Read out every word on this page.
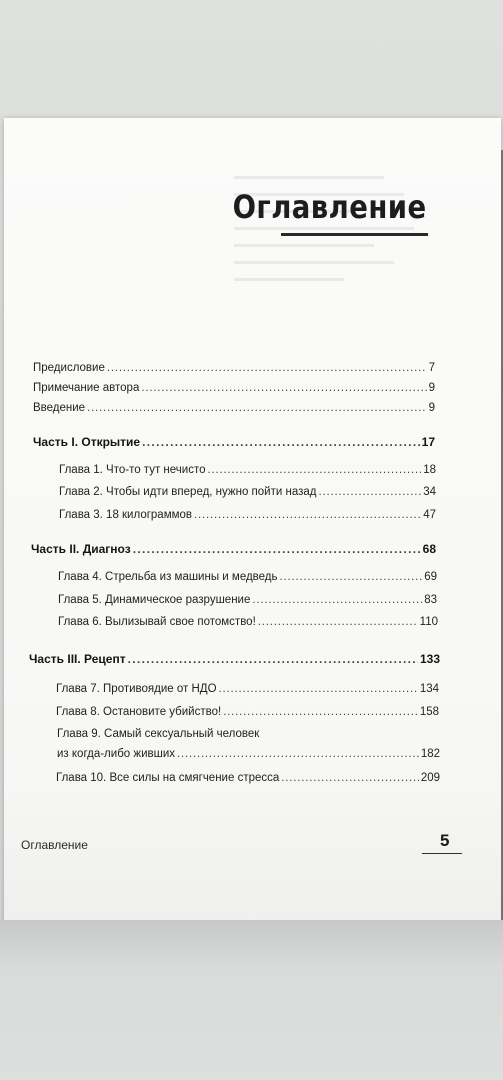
Оглавление
Предисловие . . .	7
Примечание автора . . .	9
Введение . . .	9
Часть I. Открытие . . .	17
Глава 1. Что-то тут нечисто . . .	18
Глава 2. Чтобы идти вперед, нужно пойти назад . . .	34
Глава 3. 18 килограммов . . .	47
Часть II. Диагноз . . .	68
Глава 4. Стрельба из машины и медведь . . .	69
Глава 5. Динамическое разрушение . . .	83
Глава 6. Вылизывай свое потомство! . . .	110
Часть III. Рецепт . . .	133
Глава 7. Противоядие от НДО . . .	134
Глава 8. Остановите убийство! . . .	158
Глава 9. Самый сексуальный человек
из когда-либо живших . . .	182
Глава 10. Все силы на смягчение стресса . . .	209
Оглавление	5
